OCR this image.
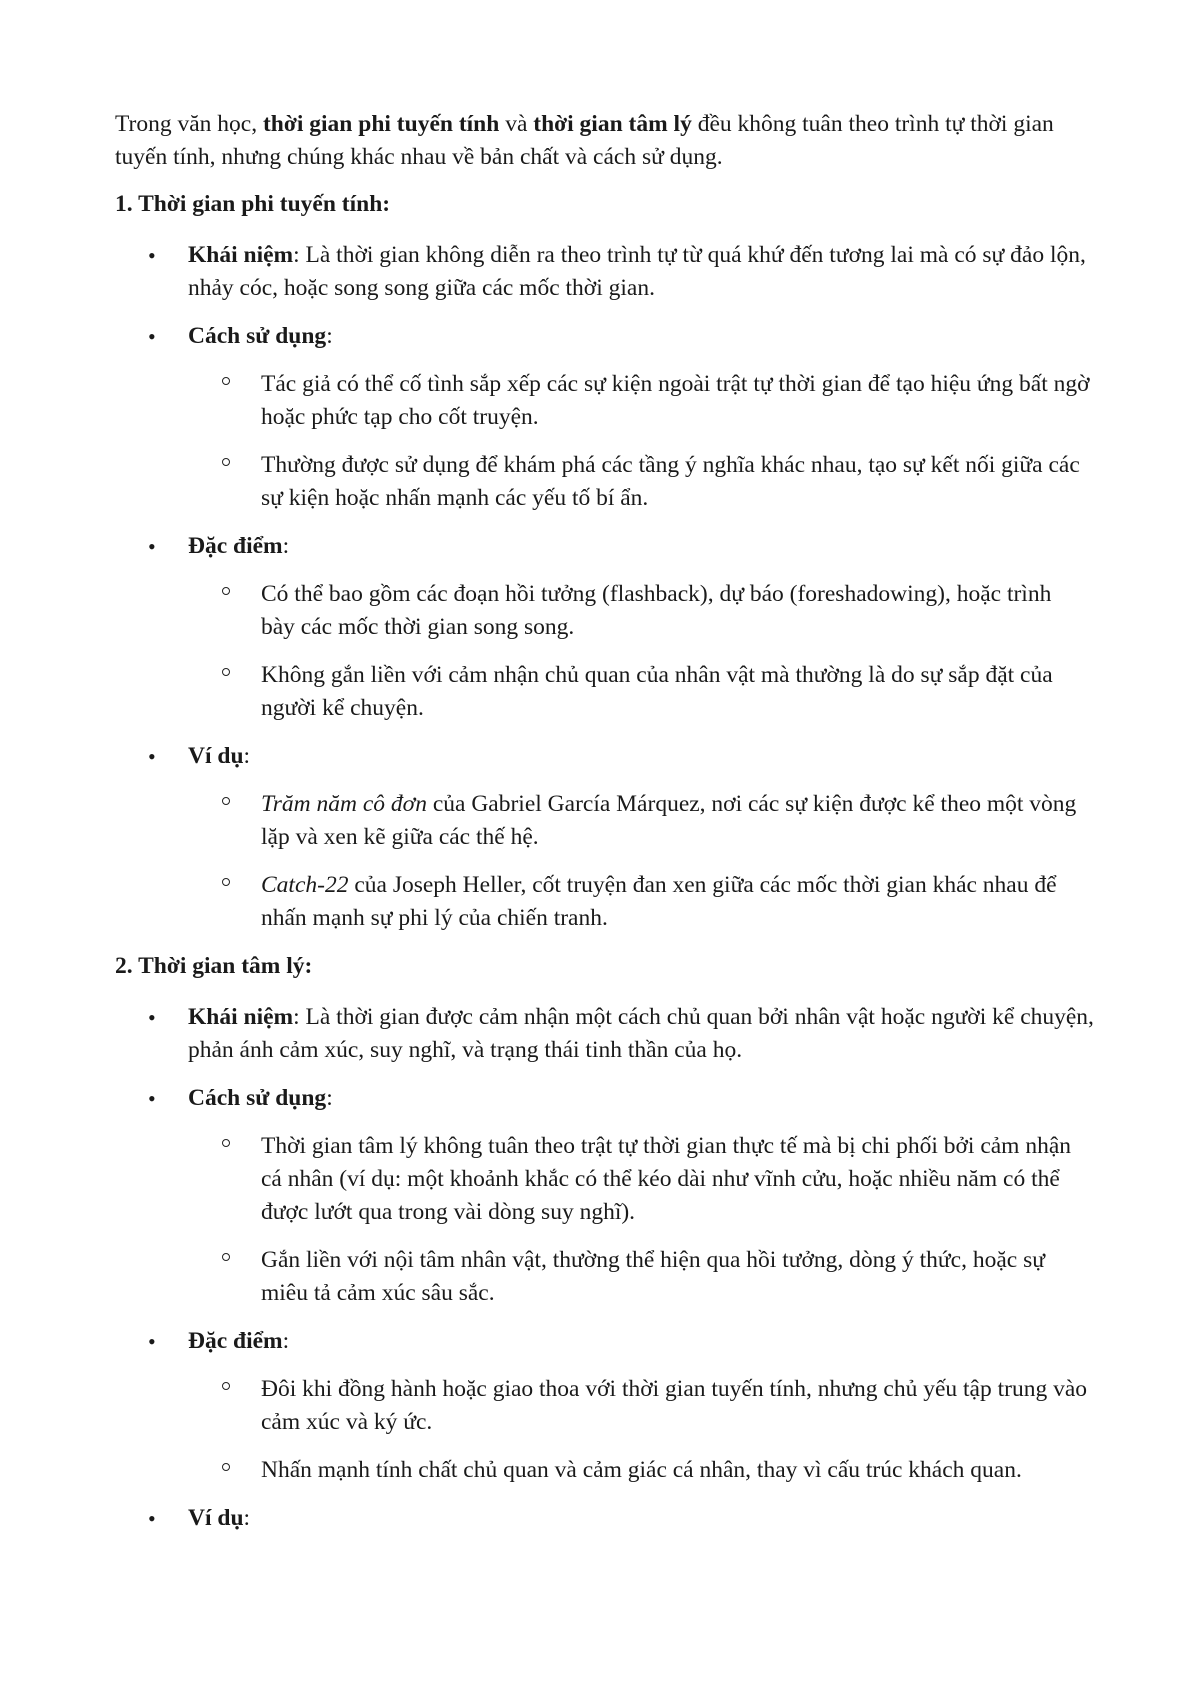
Trong văn học, thời gian phi tuyến tính và thời gian tâm lý đều không tuân theo trình tự thời gian tuyến tính, nhưng chúng khác nhau về bản chất và cách sử dụng.

1. Thời gian phi tuyến tính:

• Khái niệm: Là thời gian không diễn ra theo trình tự từ quá khứ đến tương lai mà có sự đảo lộn, nhảy cóc, hoặc song song giữa các mốc thời gian.
• Cách sử dụng:
Tác giả có thể cố tình sắp xếp các sự kiện ngoài trật tự thời gian để tạo hiệu ứng bất ngờ hoặc phức tạp cho cốt truyện.
Thường được sử dụng để khám phá các tầng ý nghĩa khác nhau, tạo sự kết nối giữa các sự kiện hoặc nhấn mạnh các yếu tố bí ẩn.
• Đặc điểm:
Có thể bao gồm các đoạn hồi tưởng (flashback), dự báo (foreshadowing), hoặc trình bày các mốc thời gian song song.
Không gắn liền với cảm nhận chủ quan của nhân vật mà thường là do sự sắp đặt của người kể chuyện.
• Ví dụ:
Trăm năm cô đơn của Gabriel García Márquez, nơi các sự kiện được kể theo một vòng lặp và xen kẽ giữa các thế hệ.
Catch-22 của Joseph Heller, cốt truyện đan xen giữa các mốc thời gian khác nhau để nhấn mạnh sự phi lý của chiến tranh.

2. Thời gian tâm lý:

• Khái niệm: Là thời gian được cảm nhận một cách chủ quan bởi nhân vật hoặc người kể chuyện, phản ánh cảm xúc, suy nghĩ, và trạng thái tinh thần của họ.
• Cách sử dụng:
Thời gian tâm lý không tuân theo trật tự thời gian thực tế mà bị chi phối bởi cảm nhận cá nhân (ví dụ: một khoảnh khắc có thể kéo dài như vĩnh cửu, hoặc nhiều năm có thể được lướt qua trong vài dòng suy nghĩ).
Gắn liền với nội tâm nhân vật, thường thể hiện qua hồi tưởng, dòng ý thức, hoặc sự miêu tả cảm xúc sâu sắc.
• Đặc điểm:
Đôi khi đồng hành hoặc giao thoa với thời gian tuyến tính, nhưng chủ yếu tập trung vào cảm xúc và ký ức.
Nhấn mạnh tính chất chủ quan và cảm giác cá nhân, thay vì cấu trúc khách quan.
• Ví dụ:
